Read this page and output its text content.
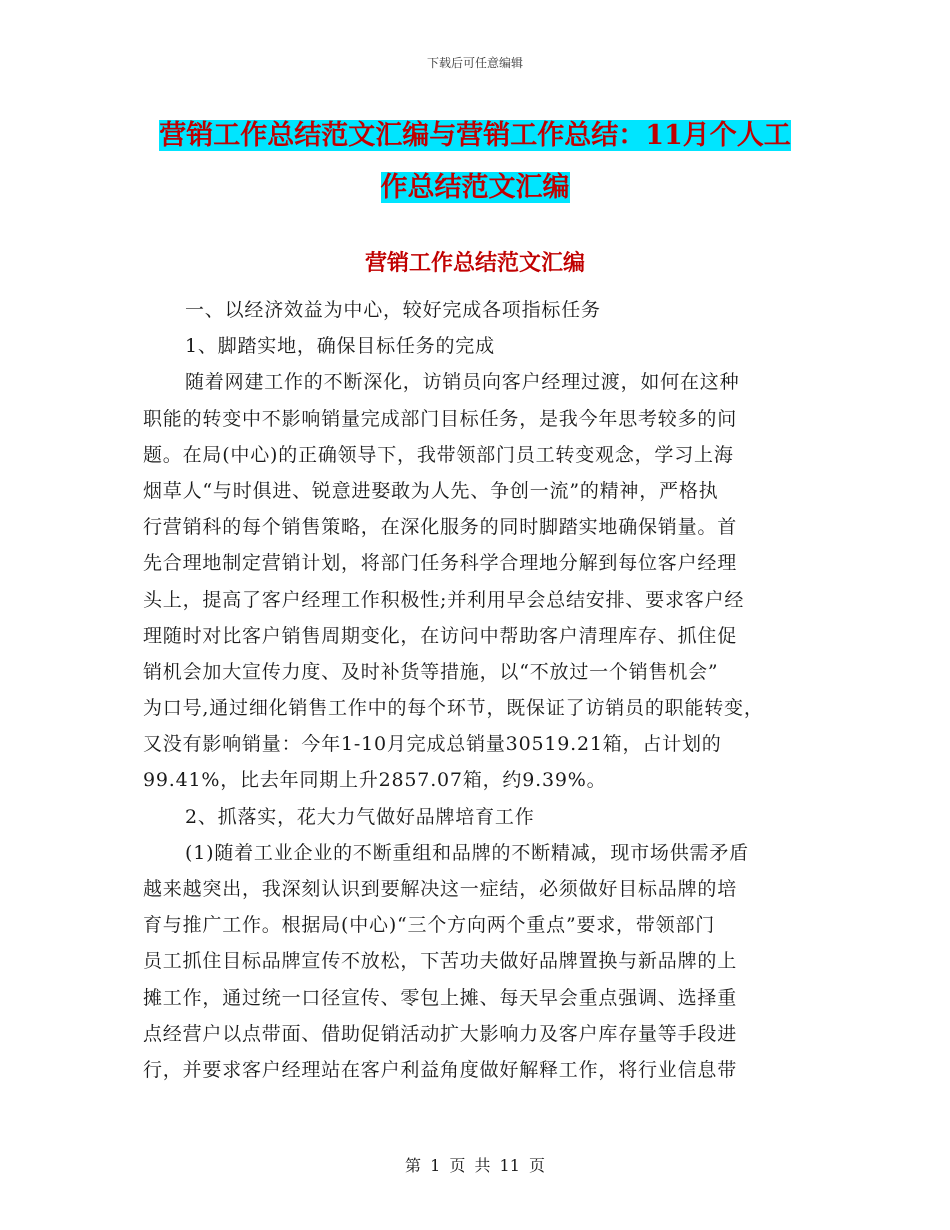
下载后可任意编辑
营销工作总结范文汇编与营销工作总结：11月个人工
作总结范文汇编
营销工作总结范文汇编
一、以经济效益为中心，较好完成各项指标任务
1、脚踏实地，确保目标任务的完成
随着网建工作的不断深化，访销员向客户经理过渡，如何在这种
职能的转变中不影响销量完成部门目标任务，是我今年思考较多的问
题。在局(中心)的正确领导下，我带领部门员工转变观念，学习上海
烟草人“与时俱进、锐意进娶敢为人先、争创一流”的精神，严格执
行营销科的每个销售策略，在深化服务的同时脚踏实地确保销量。首
先合理地制定营销计划，将部门任务科学合理地分解到每位客户经理
头上，提高了客户经理工作积极性;并利用早会总结安排、要求客户经
理随时对比客户销售周期变化，在访问中帮助客户清理库存、抓住促
销机会加大宣传力度、及时补货等措施，以“不放过一个销售机会”
为口号,通过细化销售工作中的每个环节，既保证了访销员的职能转变，
又没有影响销量：今年1-10月完成总销量30519.21箱，占计划的
99.41%，比去年同期上升2857.07箱，约9.39%。
2、抓落实，花大力气做好品牌培育工作
(1)随着工业企业的不断重组和品牌的不断精减，现市场供需矛盾
越来越突出，我深刻认识到要解决这一症结，必须做好目标品牌的培
育与推广工作。根据局(中心)“三个方向两个重点”要求，带领部门
员工抓住目标品牌宣传不放松，下苦功夫做好品牌置换与新品牌的上
摊工作，通过统一口径宣传、零包上摊、每天早会重点强调、选择重
点经营户以点带面、借助促销活动扩大影响力及客户库存量等手段进
行，并要求客户经理站在客户利益角度做好解释工作，将行业信息带
第 1 页 共 11 页
